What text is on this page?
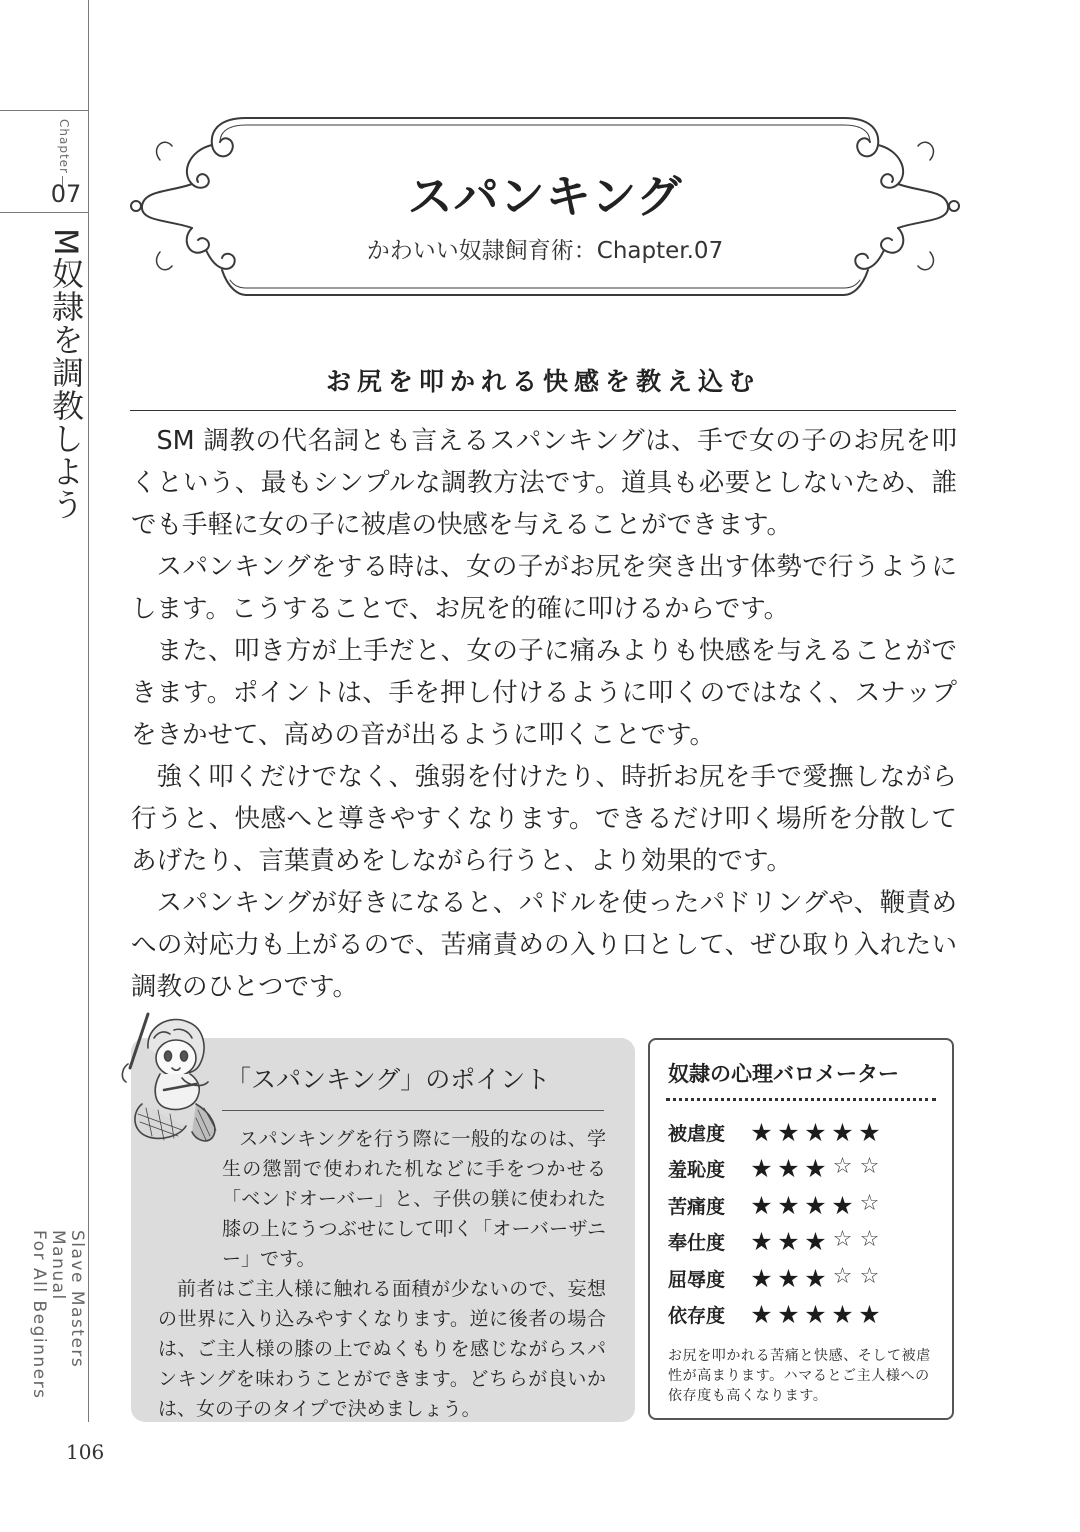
Chapter
07
M奴隷を調教しよう
Slave Masters Manual
For All Beginners
106
スパンキング
かわいい奴隷飼育術：Chapter.07
お尻を叩かれる快感を教え込む

SM 調教の代名詞とも言えるスパンキングは、手で女の子のお尻を叩くという、最もシンプルな調教方法です。道具も必要としないため、誰でも手軽に女の子に被虐の快感を与えることができます。

スパンキングをする時は、女の子がお尻を突き出す体勢で行うようにします。こうすることで、お尻を的確に叩けるからです。

また、叩き方が上手だと、女の子に痛みよりも快感を与えることができます。ポイントは、手を押し付けるように叩くのではなく、スナップをきかせて、高めの音が出るように叩くことです。

強く叩くだけでなく、強弱を付けたり、時折お尻を手で愛撫しながら行うと、快感へと導きやすくなります。できるだけ叩く場所を分散してあげたり、言葉責めをしながら行うと、より効果的です。

スパンキングが好きになると、パドルを使ったパドリングや、鞭責めへの対応力も上がるので、苦痛責めの入り口として、ぜひ取り入れたい調教のひとつです。

「スパンキング」のポイント

スパンキングを行う際に一般的なのは、学生の懲罰で使われた机などに手をつかせる「ベンドオーバー」と、子供の躾に使われた膝の上にうつぶせにして叩く「オーバーザニー」です。

前者はご主人様に触れる面積が少ないので、妄想の世界に入り込みやすくなります。逆に後者の場合は、ご主人様の膝の上でぬくもりを感じながらスパンキングを味わうことができます。どちらが良いかは、女の子のタイプで決めましょう。

奴隷の心理バロメーター
被虐度	★ ★ ★ ★ ★
羞恥度	★ ★ ★ ☆ ☆
苦痛度	★ ★ ★ ★ ☆
奉仕度	★ ★ ★ ☆ ☆
屈辱度	★ ★ ★ ☆ ☆
依存度	★ ★ ★ ★ ★
お尻を叩かれる苦痛と快感、そして被虐性が高まります。ハマるとご主人様への依存度も高くなります。
